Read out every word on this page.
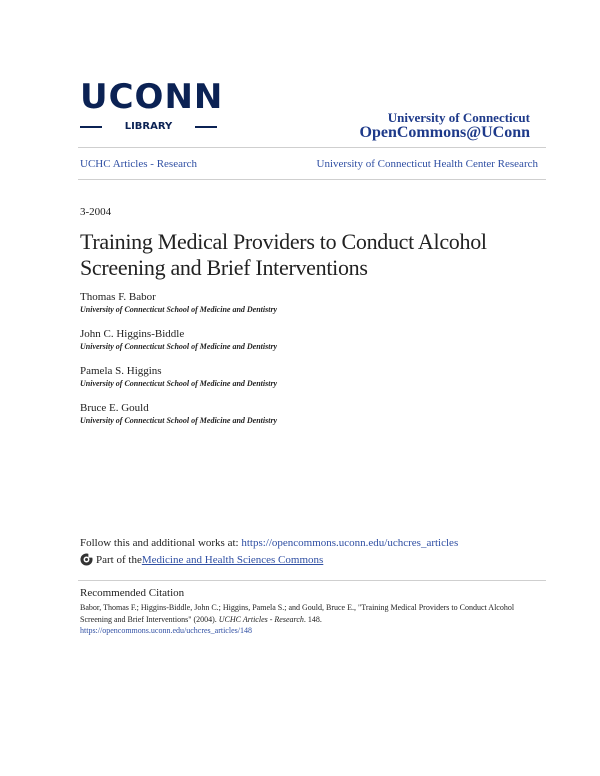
UCONN
LIBRARY
University of Connecticut
OpenCommons@UConn
UCHC Articles - Research	University of Connecticut Health Center Research
3-2004
Training Medical Providers to Conduct Alcohol Screening and Brief Interventions
Thomas F. Babor
University of Connecticut School of Medicine and Dentistry
John C. Higgins-Biddle
University of Connecticut School of Medicine and Dentistry
Pamela S. Higgins
University of Connecticut School of Medicine and Dentistry
Bruce E. Gould
University of Connecticut School of Medicine and Dentistry
Follow this and additional works at: https://opencommons.uconn.edu/uchcres_articles
Part of the Medicine and Health Sciences Commons
Recommended Citation
Babor, Thomas F.; Higgins-Biddle, John C.; Higgins, Pamela S.; and Gould, Bruce E., "Training Medical Providers to Conduct Alcohol Screening and Brief Interventions" (2004). UCHC Articles - Research. 148.
https://opencommons.uconn.edu/uchcres_articles/148
